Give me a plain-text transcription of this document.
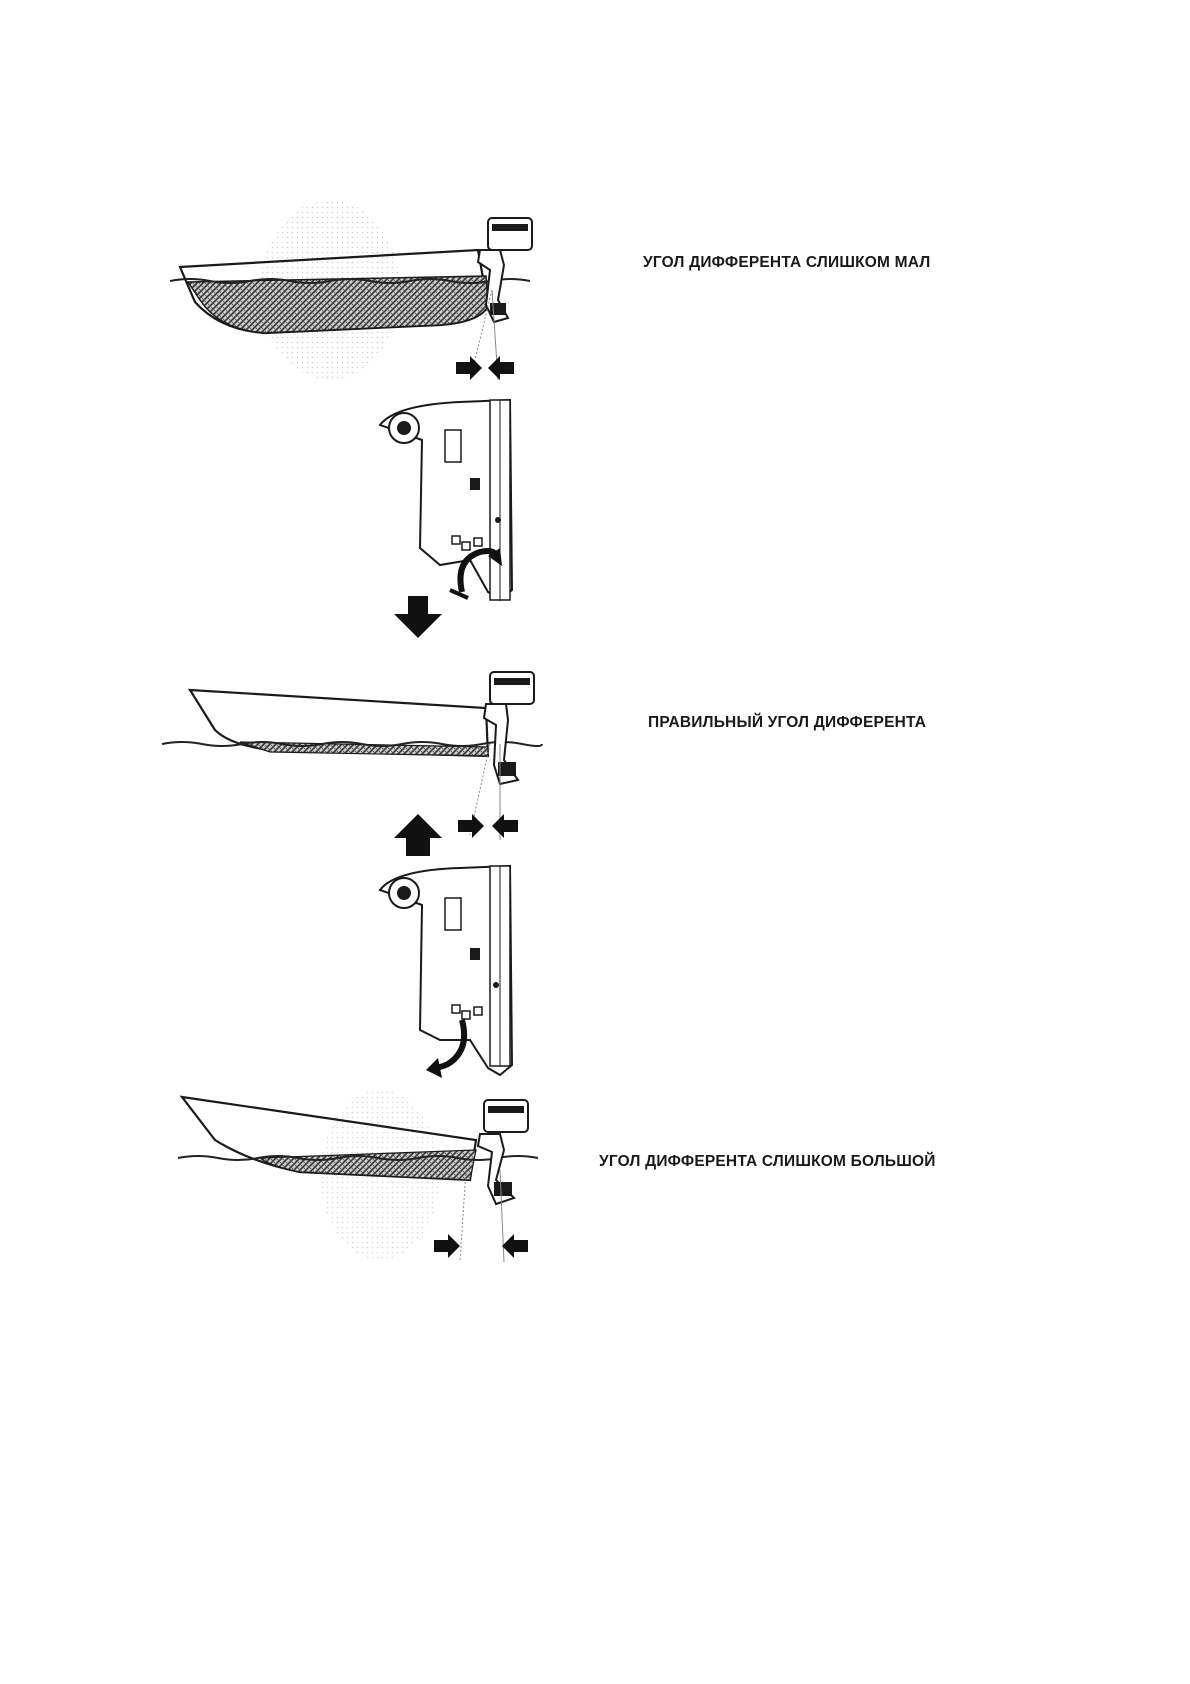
УГОЛ ДИФФЕРЕНТА СЛИШКОМ МАЛ
ПРАВИЛЬНЫЙ УГОЛ ДИФФЕРЕНТА
УГОЛ ДИФФЕРЕНТА СЛИШКОМ БОЛЬШОЙ
